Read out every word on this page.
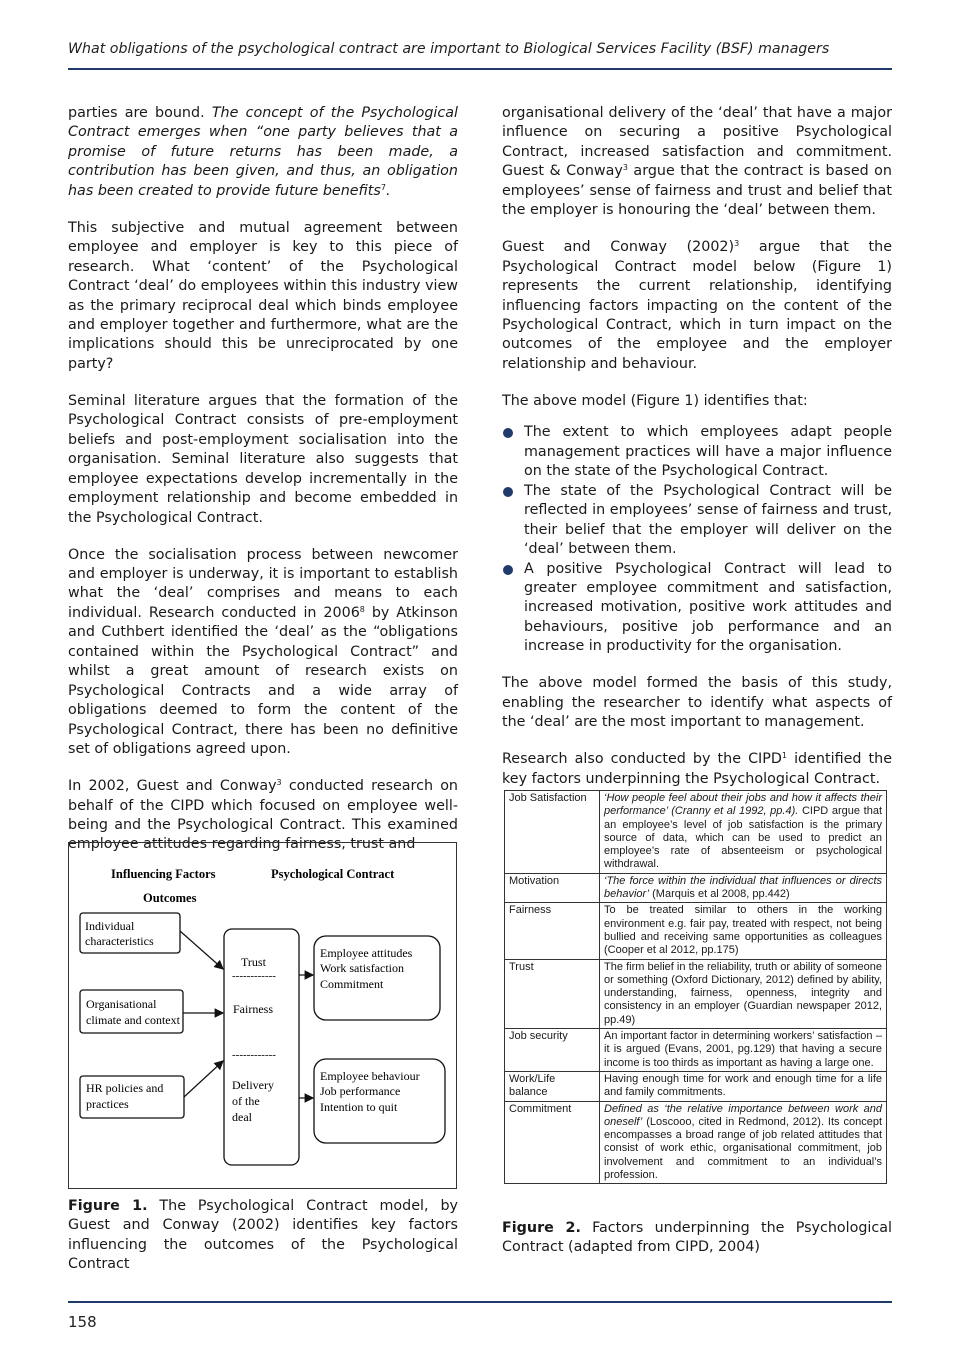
What obligations of the psychological contract are important to Biological Services Facility (BSF) managers

parties are bound. The concept of the Psychological Contract emerges when “one party believes that a promise of future returns has been made, a contribution has been given, and thus, an obligation has been created to provide future benefits$^7$.

This subjective and mutual agreement between employee and employer is key to this piece of research. What ‘content’ of the Psychological Contract ‘deal’ do employees within this industry view as the primary reciprocal deal which binds employee and employer together and furthermore, what are the implications should this be unreciprocated by one party?

Seminal literature argues that the formation of the Psychological Contract consists of pre-employment beliefs and post-employment socialisation into the organisation. Seminal literature also suggests that employee expectations develop incrementally in the employment relationship and become embedded in the Psychological Contract.

Once the socialisation process between newcomer and employer is underway, it is important to establish what the ‘deal’ comprises and means to each individual. Research conducted in 2006$^8$ by Atkinson and Cuthbert identified the ‘deal’ as the “obligations contained within the Psychological Contract” and whilst a great amount of research exists on Psychological Contracts and a wide array of obligations deemed to form the content of the Psychological Contract, there has been no definitive set of obligations agreed upon.

In 2002, Guest and Conway$^3$ conducted research on behalf of the CIPD which focused on employee well-being and the Psychological Contract. This examined employee attitudes regarding fairness, trust and

Influencing Factors	Psychological Contract
Outcomes
Individual
characteristics
Organisational
climate and context
HR policies and
practices
Trust
------------
Fairness
------------
Delivery
of the
deal
Employee attitudes
Work satisfaction
Commitment
Employee behaviour
Job performance
Intention to quit
Figure 1. The Psychological Contract model, by Guest and Conway (2002) identifies key factors influencing the outcomes of the Psychological Contract

organisational delivery of the ‘deal’ that have a major influence on securing a positive Psychological Contract, increased satisfaction and commitment. Guest & Conway$^3$ argue that the contract is based on employees’ sense of fairness and trust and belief that the employer is honouring the ‘deal’ between them.

Guest and Conway $(2002)^3$ argue that the Psychological Contract model below (Figure 1) represents the current relationship, identifying influencing factors impacting on the content of the Psychological Contract, which in turn impact on the outcomes of the employee and the employer relationship and behaviour.

The above model (Figure 1) identifies that:

The extent to which employees adapt people management practices will have a major influence on the state of the Psychological Contract.
The state of the Psychological Contract will be reflected in employees’ sense of fairness and trust, their belief that the employer will deliver on the ‘deal’ between them.
A positive Psychological Contract will lead to greater employee commitment and satisfaction, increased motivation, positive work attitudes and behaviours, positive job performance and an increase in productivity for the organisation.

The above model formed the basis of this study, enabling the researcher to identify what aspects of the ‘deal’ are the most important to management.

Research also conducted by the CIPD$^1$ identified the key factors underpinning the Psychological Contract.

Job Satisfaction	‘How people feel about their jobs and how it affects their performance’ (Cranny et al 1992, pp.4). CIPD argue that an employee’s level of job satisfaction is the primary source of data, which can be used to predict an employee’s rate of absenteeism or psychological withdrawal.
Motivation	‘The force within the individual that influences or directs behavior’ (Marquis et al 2008, pp.442)
Fairness	To be treated similar to others in the working environment e.g. fair pay, treated with respect, not being bullied and receiving same opportunities as colleagues (Cooper et al 2012, pp.175)
Trust	The firm belief in the reliability, truth or ability of someone or something (Oxford Dictionary, 2012) defined by ability, understanding, fairness, openness, integrity and consistency in an employer (Guardian newspaper 2012, pp.49)
Job security	An important factor in determining workers’ satisfaction – it is argued (Evans, 2001, pg.129) that having a secure income is too thirds as important as having a large one.
Work/Life balance	Having enough time for work and enough time for a life and family commitments.
Commitment	Defined as ‘the relative importance between work and oneself’ (Loscooo, cited in Redmond, 2012). Its concept encompasses a broad range of job related attitudes that consist of work ethic, organisational commitment, job involvement and commitment to an individual’s profession.
Figure 2. Factors underpinning the Psychological Contract (adapted from CIPD, 2004)
158
